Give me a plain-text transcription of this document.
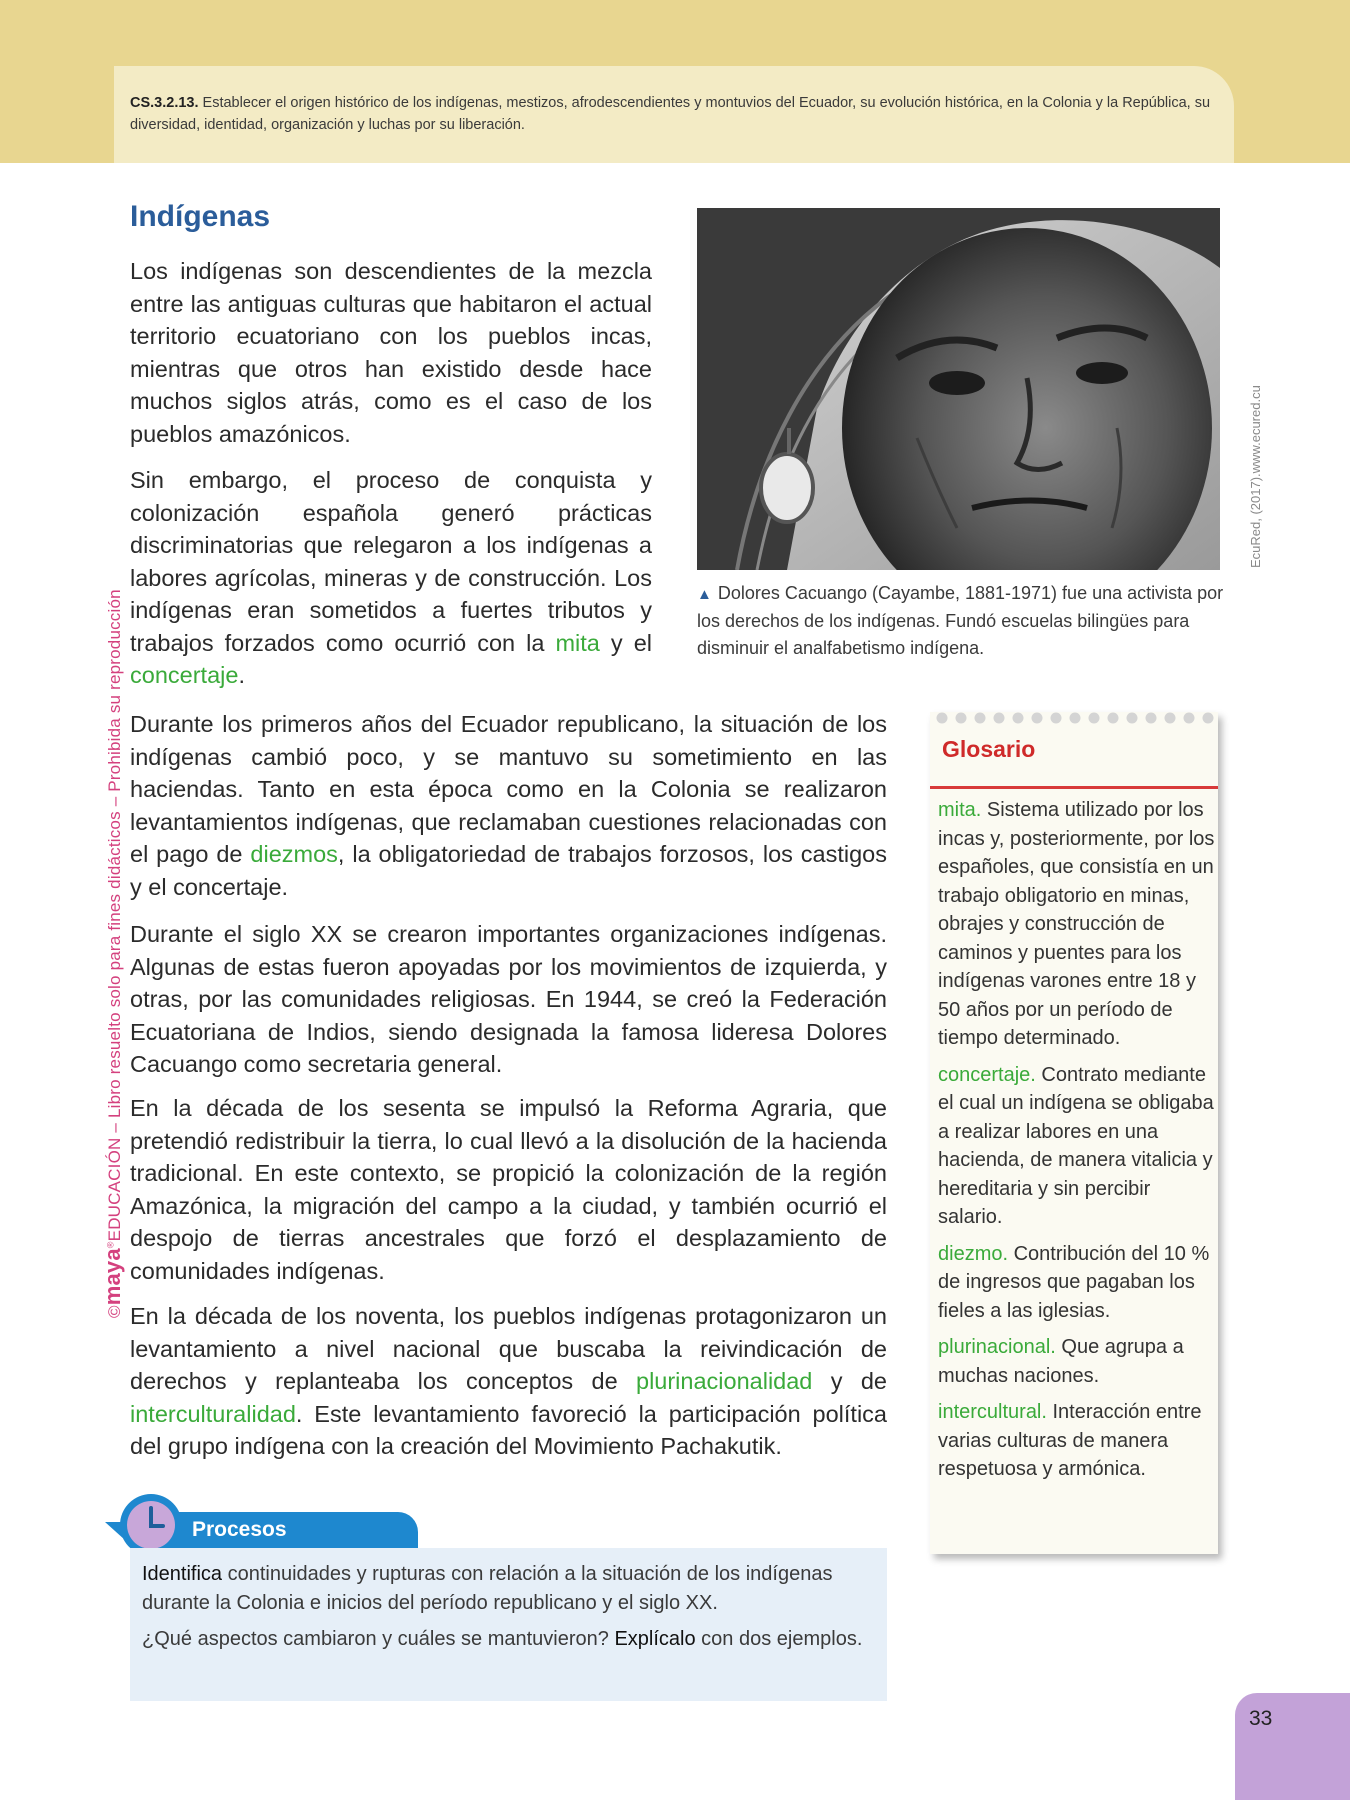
CS.3.2.13. Establecer el origen histórico de los indígenas, mestizos, afrodescendientes y montuvios del Ecuador, su evolución histórica, en la Colonia y la República, su diversidad, identidad, organización y luchas por su liberación.

©maya®EDUCACIÓN – Libro resuelto solo para fines didácticos – Prohibida su reproducción
Indígenas

Los indígenas son descendientes de la mezcla entre las antiguas culturas que habitaron el actual territorio ecuatoriano con los pueblos incas, mientras que otros han existido desde hace muchos siglos atrás, como es el caso de los pueblos amazónicos.

Sin embargo, el proceso de conquista y colonización española generó prácticas discriminatorias que relegaron a los indígenas a labores agrícolas, mineras y de construcción. Los indígenas eran sometidos a fuertes tributos y trabajos forzados como ocurrió con la mita y el concertaje.

Durante los primeros años del Ecuador republicano, la situación de los indígenas cambió poco, y se mantuvo su sometimiento en las haciendas. Tanto en esta época como en la Colonia se realizaron levantamientos indígenas, que reclamaban cuestiones relacionadas con el pago de diezmos, la obligatoriedad de trabajos forzosos, los castigos y el concertaje.

Durante el siglo XX se crearon importantes organizaciones indígenas. Algunas de estas fueron apoyadas por los movimientos de izquierda, y otras, por las comunidades religiosas. En 1944, se creó la Federación Ecuatoriana de Indios, siendo designada la famosa lideresa Dolores Cacuango como secretaria general.

En la década de los sesenta se impulsó la Reforma Agraria, que pretendió redistribuir la tierra, lo cual llevó a la disolución de la hacienda tradicional. En este contexto, se propició la colonización de la región Amazónica, la migración del campo a la ciudad, y también ocurrió el despojo de tierras ancestrales que forzó el desplazamiento de comunidades indígenas.

En la década de los noventa, los pueblos indígenas protagonizaron un levantamiento a nivel nacional que buscaba la reivindicación de derechos y replanteaba los conceptos de plurinacionalidad y de interculturalidad. Este levantamiento favoreció la participación política del grupo indígena con la creación del Movimiento Pachakutik.

EcuRed, (2017).www.ecured.cu

▲ Dolores Cacuango (Cayambe, 1881-1971) fue una activista por los derechos de los indígenas. Fundó escuelas bilingües para disminuir el analfabetismo indígena.

Glosario

mita. Sistema utilizado por los incas y, posteriormente, por los españoles, que consistía en un trabajo obligatorio en minas, obrajes y construcción de caminos y puentes para los indígenas varones entre 18 y 50 años por un período de tiempo determinado.

concertaje. Contrato mediante el cual un indígena se obligaba a realizar labores en una hacienda, de manera vitalicia y hereditaria y sin percibir salario.

diezmo. Contribución del 10 % de ingresos que pagaban los fieles a las iglesias.

plurinacional. Que agrupa a muchas naciones.

intercultural. Interacción entre varias culturas de manera respetuosa y armónica.

Procesos

Identifica continuidades y rupturas con relación a la situación de los indígenas durante la Colonia e inicios del período republicano y el siglo XX.

¿Qué aspectos cambiaron y cuáles se mantuvieron? Explícalo con dos ejemplos.

33
